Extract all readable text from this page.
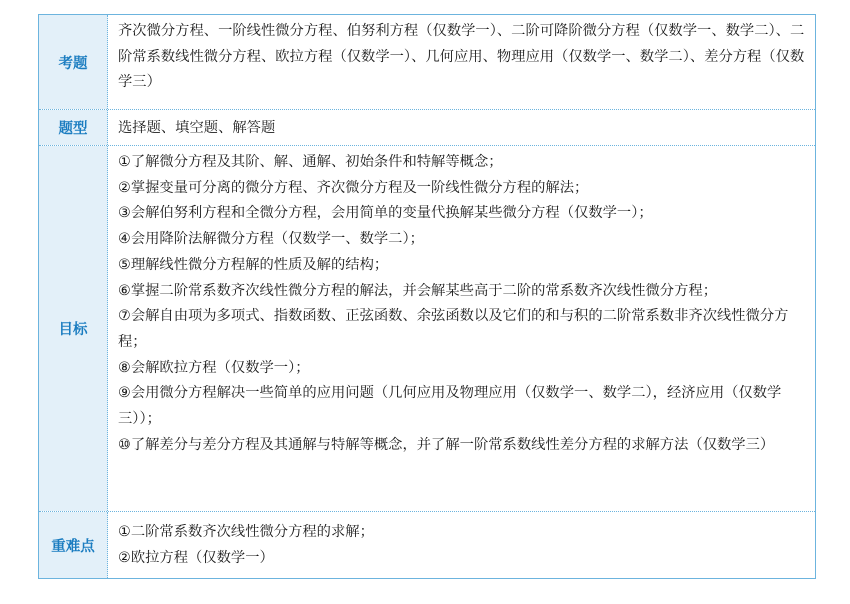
考题

齐次微分方程、一阶线性微分方程、伯努利方程（仅数学一）、二阶可降阶微分方程（仅数学一、数学二）、二阶常系数线性微分方程、欧拉方程（仅数学一）、几何应用、物理应用（仅数学一、数学二）、差分方程（仅数学三）

题型	选择题、填空题、解答题

目标

①了解微分方程及其阶、解、通解、初始条件和特解等概念；

②掌握变量可分离的微分方程、齐次微分方程及一阶线性微分方程的解法；

③会解伯努利方程和全微分方程，会用简单的变量代换解某些微分方程（仅数学一）；

④会用降阶法解微分方程（仅数学一、数学二）；

⑤理解线性微分方程解的性质及解的结构；

⑥掌握二阶常系数齐次线性微分方程的解法，并会解某些高于二阶的常系数齐次线性微分方程；

⑦会解自由项为多项式、指数函数、正弦函数、余弦函数以及它们的和与积的二阶常系数非齐次线性微分方程；

⑧会解欧拉方程（仅数学一）；

⑨会用微分方程解决一些简单的应用问题（几何应用及物理应用（仅数学一、数学二），经济应用（仅数学三））；

⑩了解差分与差分方程及其通解与特解等概念，并了解一阶常系数线性差分方程的求解方法（仅数学三）

重难点

①二阶常系数齐次线性微分方程的求解；

②欧拉方程（仅数学一）
